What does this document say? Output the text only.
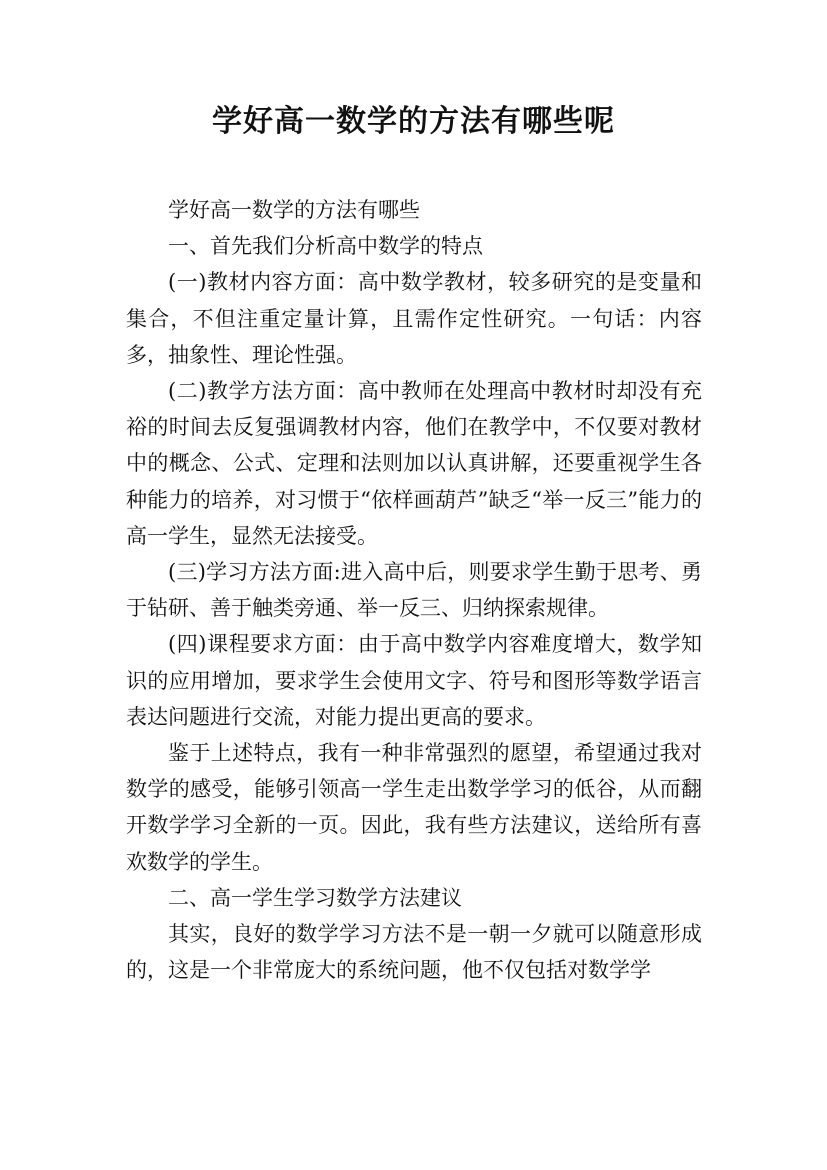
学好高一数学的方法有哪些呢

学好高一数学的方法有哪些

一、首先我们分析高中数学的特点

(一)教材内容方面：高中数学教材，较多研究的是变量和集合，不但注重定量计算，且需作定性研究。一句话：内容多，抽象性、理论性强。

(二)教学方法方面：高中教师在处理高中教材时却没有充裕的时间去反复强调教材内容，他们在教学中，不仅要对教材中的概念、公式、定理和法则加以认真讲解，还要重视学生各种能力的培养，对习惯于“依样画葫芦”缺乏“举一反三”能力的高一学生，显然无法接受。

(三)学习方法方面:进入高中后，则要求学生勤于思考、勇于钻研、善于触类旁通、举一反三、归纳探索规律。

(四)课程要求方面：由于高中数学内容难度增大，数学知识的应用增加，要求学生会使用文字、符号和图形等数学语言表达问题进行交流，对能力提出更高的要求。

鉴于上述特点，我有一种非常强烈的愿望，希望通过我对数学的感受，能够引领高一学生走出数学学习的低谷，从而翻开数学学习全新的一页。因此，我有些方法建议，送给所有喜欢数学的学生。

二、高一学生学习数学方法建议

其实，良好的数学学习方法不是一朝一夕就可以随意形成的，这是一个非常庞大的系统问题，他不仅包括对数学学
